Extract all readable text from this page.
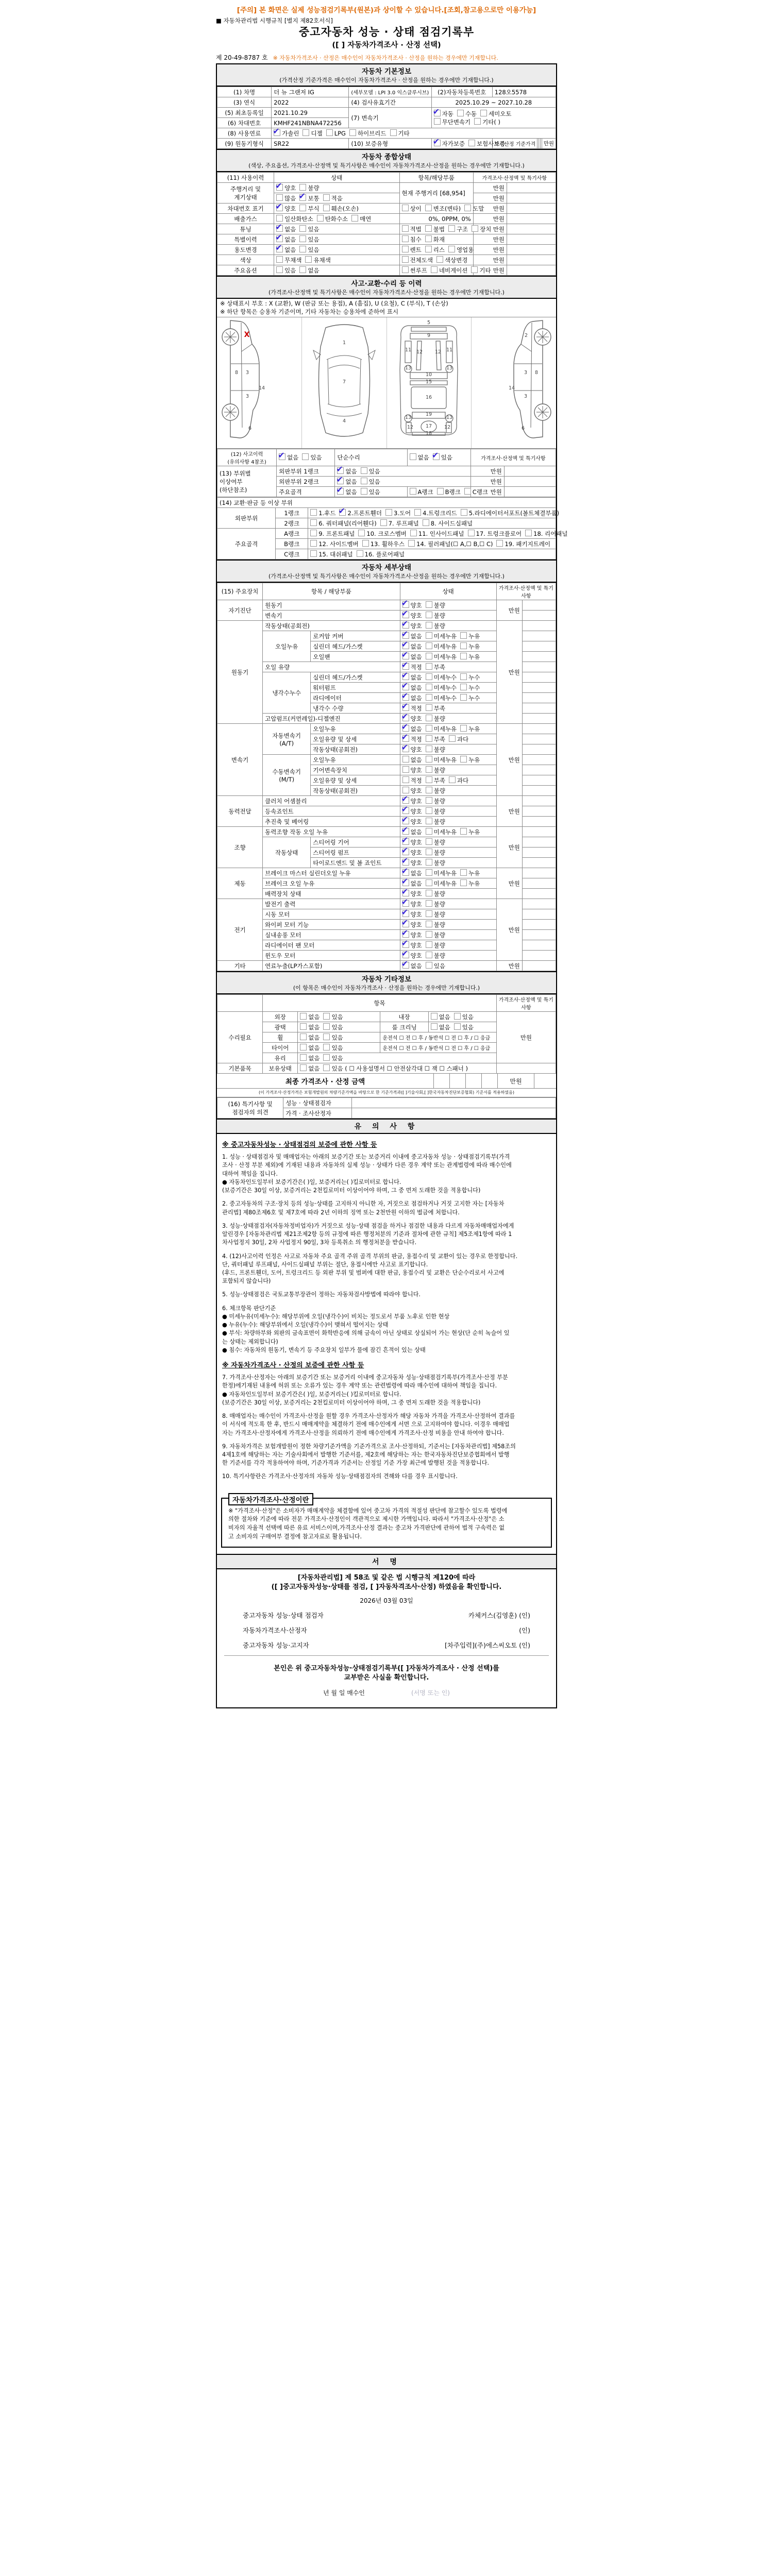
[주의] 본 화면은 실제 성능점검기록부(원본)과 상이할 수 있습니다.[조회,참고용으로만 이용가능]
■ 자동차관리법 시행규칙 [별지 제82호서식]
중고자동차 성능 · 상태 점검기록부
([ ] 자동차가격조사 · 산정 선택)
제 20-49-8787 호 ※ 자동차가격조사 · 산정은 매수인이 자동차가격조사 · 산정을 원하는 경우에만 기재합니다.
자동차 기본정보
(가격산정 기준가격은 매수인이 자동차가격조사 · 산정을 원하는 경우에만 기재합니다.)
(1) 차명	더 뉴 그랜저 IG	(세부모델 : LPI 3.0 익스클루시브)	(2)자동차등록번호	128오5578
(3) 연식	2022	(4) 검사유효기간	2025.10.29 ~ 2027.10.28	
(5) 최초등록일	2021.10.29	(7) 변속기	✔자동 수동 세미오토
무단변속기 기타( )
(6) 차대번호	KMHF241NBNA472256			
(8) 사용연료	✔가솔린 디젤 LPG 하이브리드 기타
(9) 원동기형식	SR22	(10) 보증유형	✔자가보증 보험사보증	가격산정 기준가격 만원
자동차 종합상태
(색상, 주요옵션, 가격조사·산정액 및 특기사항은 매수인이 자동차가격조사·산정을 원하는 경우에만 기재합니다.)
(11) 사용이력	상태	항목/해당부품	가격조사·산정액 및 특기사항	
주행거리 및
계기상태	✔양호 불량	현재 주행거리 [68,954]	만원	
	많음 ✔ 보통 적음		만원	
차대번호 표기	✔양호 부식 훼손(오손)	상이 변조(변타) 도말	만원	
배출가스	일산화탄소 탄화수소 매연	0%, 0PPM, 0%	만원	
튜닝	✔없음 있음	적법 불법 구조 장치	만원	
특별이력	✔없음 있음	침수 화재	만원	
용도변경	✔없음 있음	렌트 리스 영업용	만원	
색상	무채색 유채색	전체도색 색상변경	만원	
주요옵션	있음 없음	썬루프 네비게이션 기타	만원	
사고·교환·수리 등 이력
(가격조사·산정액 및 특기사항은 매수인이 자동차가격조사·산정을 원하는 경우에만 기재합니다.)
※ 상태표시 부호 : X (교환), W (판금 또는 용접), A (흠집), U (요철), C (부식), T (손상)
※ 하단 항목은 승용차 기준이며, 기타 자동차는 승용차에 준하여 표시
8 3
14
3
6
X
1
7
4
5
9
11 12	12 11
13	13
10
15
16
19
13	13
17
12	12
18
2
8
3
14
3
6
(12) 사고이력
(유의사항 4참조)	✔없음 있음	단순수리	없음 ✔ 있음	가격조사·산정액 및 특기사항	
(13) 부위별
이상여부
(하단참조)	외판부위 1랭크	✔없음 있음		만원	
	외판부위 2랭크	✔없음 있음		만원	
	주요골격	✔없음 있음	A랭크 B랭크 C랭크	만원	
(14) 교환·판금 등 이상 부위		
외판부위	1랭크	1.후드 ✔ 2.프론트휀더 3.도어 4.트렁크리드 5.라디에이터서포트(볼트체결부품)
	2랭크	6. 쿼터패널(리어휀다) 7. 루프패널 8. 사이드실패널
주요골격	A랭크	9. 프론트패널 10. 크로스멤버 11. 인사이드패널 17. 트렁크플로어 18. 리어패널
	B랭크	12. 사이드멤버 13. 휠하우스 14. 필러패널(☐ A,☐ B,☐ C) 19. 패키지트레이
	C랭크	15. 대쉬패널 16. 플로어패널
자동차 세부상태
(가격조사·산정액 및 특기사항은 매수인이 자동차가격조사·산정을 원하는 경우에만 기재합니다.)
(15) 주요장치	항목 / 해당부품		상태	가격조사·산정액 및 특기사항	
자기진단	원동기	✔양호 불량	만원	
	변속기	✔양호 불량	
원동기	작동상태(공회전)	✔양호 불량	만원	
	오일누유	로커암 커버	✔없음 미세누유 누유	
		실린더 헤드/가스켓	✔없음 미세누유 누유	
		오일팬	✔없음 미세누유 누유	
	오일 유량	✔적정 부족	
	냉각수누수	실린더 헤드/가스켓	✔없음 미세누수 누수	
		워터펌프	✔없음 미세누수 누수	
		라디에이터	✔없음 미세누수 누수	
		냉각수 수량	✔적정 부족	
	고압펌프(커먼레일)-디젤엔진	✔양호 불량	
변속기	자동변속기
(A/T)	오일누유	✔없음 미세누유 누유	만원	
		오일유량 및 상세	✔적정 부족 과다	
		작동상태(공회전)	✔양호 불량	
	수동변속기
(M/T)	오일누유	없음 미세누유 누유		
		기어변속장치	양호 불량		
		오일유량 및 상세	적정 부족 과다		
		작동상태(공회전)	양호 불량		
동력전달	클러치 어셈블리	✔양호 불량	만원	
	등속죠인트	✔양호 불량	
	추진축 및 베어링	✔양호 불량	
조향	동력조향 작동 오일 누유	✔없음 미세누유 누유	만원	
	작동상태	스티어링 기어	✔양호 불량	
		스티어링 펌프	✔양호 불량	
		타이로드엔드 및 볼 죠인트	✔양호 불량	
제동	브레이크 마스터 실린더오일 누유	✔없음 미세누유 누유	만원	
	브레이크 오일 누유	✔없음 미세누유 누유	
	배력장치 상태	✔양호 불량	
전기	발전기 출력	✔양호 불량	만원	
	시동 모터	✔양호 불량	
	와이퍼 모터 기능	✔양호 불량	
	실내송풍 모터	✔양호 불량	
	라디에이터 팬 모터	✔양호 불량	
	윈도우 모터	✔양호 불량	
기타	연료누출(LP가스포함)	✔없음 있음	만원	
자동차 기타정보
(이 항목은 매수인이 자동차가격조사 · 산정을 원하는 경우에만 기재합니다.)
	항목				가격조사·산정액 및 특기사항
수리필요	외장	없음 있음	내장	없음 있음	만원
	광택	없음 있음	룸 크리닝	없음 있음	
	휠	없음 있음	운전석 ☐ 전 ☐ 후 / 동반석 ☐ 전 ☐ 후 / ☐ 응급		
	타이어	없음 있음	운전석 ☐ 전 ☐ 후 / 동반석 ☐ 전 ☐ 후 / ☐ 응급		
	유리	없음 있음			
기본품목	보유상태	없음 있음 ( ☐ 사용설명서 ☐ 안전삼각대 ☐ 잭 ☐ 스패너 )			
최종 가격조사 · 산정 금액	만원
(이 가격조사·산정가격은 보험개발원의 차량기준가액을 바탕으로 한 기준가격과([ ]기술사회,[ ]한국자동차진단보증협회) 기준서를 적용하였음)
(16) 특기사항 및
점검자의 의견	성능 · 상태점검자	
	가격 · 조사산정자	
유 의 사 항
※ 중고자동차성능 · 상태점검의 보증에 관한 사항 등
1. 성능 · 상태점검자 및 매매업자는 아래의 보증기간 또는 보증거리 이내에 중고자동차 성능 · 상태점검기록부(가격
조사 · 산정 부분 제외)에 기재된 내용과 자동차의 실제 성능 · 상태가 다른 경우 계약 또는 관계법령에 따라 매수인에
대하여 책임을 집니다.
● 자동차인도일부터 보증기간은( )일, 보증거리는( )킬로미터로 합니다.
(보증기간은 30일 이상, 보증거리는 2천킬로미터 이상이어야 하며, 그 중 먼저 도래한 것을 적용합니다)
2. 중고자동차의 구조·장치 등의 성능·상태를 고지하지 아니한 자, 거짓으로 점검하거나 거짓 고지한 자는 [자동차
관리법] 제80조제6호 및 제7호에 따라 2년 이하의 징역 또는 2천만원 이하의 벌금에 처합니다.
3. 성능·상태점검자(자동차정비업자)가 거짓으로 성능·상태 점검을 하거나 점검한 내용과 다르게 자동차매매업자에게
알린경우 [자동차관리법 제21조제2항 등의 규정에 따른 행정처분의 기준과 절차에 관한 규칙] 제5조제1항에 따라 1
차사업정지 30일, 2차 사업정지 90일, 3차 등록취소 의 행정처분을 받습니다.
4. (12)사고이력 인정은 사고로 자동차 주요 골격 주위 골격 부위의 판금, 용접수리 및 교환이 있는 경우로 한정합니다.
단, 쿼터패널 루프패널, 사이드실패널 부위는 절단, 용접시에만 사고로 표기합니다.
(후드, 프론트휀더, 도어, 트렁크리드 등 외판 부위 및 범퍼에 대한 판금, 용접수리 및 교환은 단순수리로서 사고에
포함되지 않습니다)
5. 성능·상태점검은 국토교통부장관이 정하는 자동차검사방법에 따라야 합니다.
6. 체크항목 판단기준
● 미세누유(미세누수): 해당부위에 오일(냉각수)이 비치는 정도로서 부품 노후로 인한 현상
● 누유(누수): 해당부위에서 오일(냉각수)이 맺혀서 떨어지는 상태
● 부식: 차량하부와 외판의 금속표면이 화학반응에 의해 금속이 아닌 상태로 상실되어 가는 현상(단 순히 녹슬어 있
는 상태는 제외합니다)
● 침수: 자동차의 원동기, 변속기 등 주요장치 일부가 물에 잠긴 흔적이 있는 상태
※ 자동차가격조사 · 산정의 보증에 관한 사항 등
7. 가격조사·산정자는 아래의 보증기간 또는 보증거리 이내에 중고자동차 성능·상태점검기록부(가격조사·산정 부분
한정)에기재된 내용에 허위 또는 오류가 있는 경우 계약 또는 관련법령에 따라 매수인에 대하여 책임을 집니다.
● 자동차인도일부터 보증기간은( )일, 보증거리는( )킬로미터로 합니다.
(보증기간은 30일 이상, 보증거리는 2천킬로미터 이상이어야 하며, 그 중 먼저 도래한 것을 적용합니다)
8. 매매업자는 매수인이 가격조사·산정을 원할 경우 가격조사·산정자가 해당 자동차 가격을 가격조사·산정하여 결과를
이 서식에 적도록 한 후, 반드시 매매계약을 체결하기 전에 매수인에게 서면 으로 고지하여야 합니다. 이경우 매매업
자는 가격조사·산정자에게 가격조사·산정을 의뢰하기 전에 매수인에게 가격조사·산정 비용을 안내 하여야 합니다.
9. 자동차가격은 보험개발원이 정한 차량기준가액을 기준가격으로 조사·산정하되, 기준서는 [자동차관리법] 제58조의
4제1호에 해당하는 자는 기술사회에서 발행한 기준서를, 제2호에 해당하는 자는 한국자동차진단보증협회에서 발행
한 기준서를 각각 적용하여야 하며, 기준가격과 기준서는 산정일 기준 가장 최근에 발행된 것을 적용합니다.
10. 특기사항란은 가격조사·산정자의 자동차 성능·상태점검자의 견해와 다를 경우 표시합니다.
자동차가격조사·산정이란
※ "가격조사·산정"은 소비자가 매매계약을 체결함에 있어 중고차 가격의 적절성 판단에 참고할수 있도록 법령에
의한 절차와 기준에 따라 전문 가격조사·산정인이 객관적으로 제시한 가액입니다. 따라서 "가격조사·산정"은 소
비자의 자율적 선택에 따른 유료 서비스이며,가격조사·산정 결과는 중고차 가격판단에 관하여 법적 구속력은 없
고 소비자의 구매여부 결정에 참고자료로 활용됩니다.
서 명
[자동차관리법] 제 58조 및 같은 법 시행규칙 제120에 따라
([ ]중고자동차성능·상태를 점검, [ ]자동차격조사·산정) 하였음을 확인합니다.
2026년 03월 03일
중고자동차 성능·상태 점검자	카체커스(김영훈) (인)
자동차가격조사·산정자	(인)
중고자동차 성능·고지자	[차주입력](주)에스씨오토 (인)
본인은 위 중고자동차성능·상태점검기록부([ ]자동차가격조사 · 산정 선택)를
교부받은 사실을 확인합니다.
년 월 일 매수인	(서명 또는 인)
